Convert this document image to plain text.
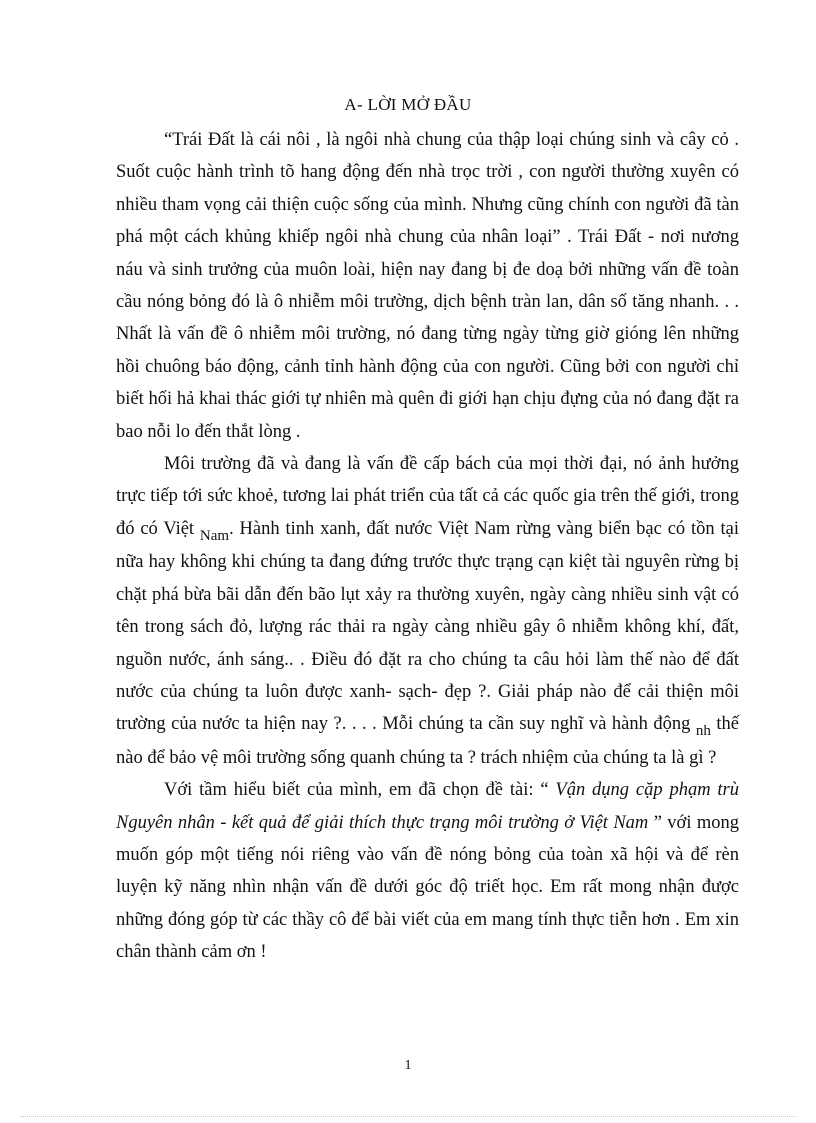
A- LỜI MỞ ĐẦU

“Trái Đất là cái nôi , là ngôi nhà chung của thập loại chúng sinh và cây cỏ . Suốt cuộc hành trình tõ hang động đến nhà trọc trời , con người thường xuyên có nhiều tham vọng cải thiện cuộc sống của mình. Nhưng cũng chính con người đã tàn phá một cách khủng khiếp ngôi nhà chung của nhân loại” . Trái Đất - nơi nương náu và sinh trưởng của muôn loài, hiện nay đang bị đe doạ bởi những vấn đề toàn cầu nóng bỏng đó là ô nhiễm môi trường, dịch bệnh tràn lan, dân số tăng nhanh. . . Nhất là vấn đề ô nhiễm môi trường, nó đang từng ngày từng giờ gióng lên những hồi chuông báo động, cảnh tỉnh hành động của con người. Cũng bởi con người chỉ biết hối hả khai thác giới tự nhiên mà quên đi giới hạn chịu đựng của nó đang đặt ra bao nỗi lo đến thắt lòng .

Môi trường đã và đang là vấn đề cấp bách của mọi thời đại, nó ảnh hưởng trực tiếp tới sức khoẻ, tương lai phát triển của tất cả các quốc gia trên thế giới, trong đó có Việt $_{Nam}$. Hành tinh xanh, đất nước Việt Nam rừng vàng biển bạc có tồn tại nữa hay không khi chúng ta đang đứng trước thực trạng cạn kiệt tài nguyên rừng bị chặt phá bừa bãi dẫn đến bão lụt xảy ra thường xuyên, ngày càng nhiều sinh vật có tên trong sách đỏ, lượng rác thải ra ngày càng nhiều gây ô nhiễm không khí, đất, nguồn nước, ánh sáng.. . Điều đó đặt ra cho chúng ta câu hỏi làm thế nào để đất nước của chúng ta luôn được xanh- sạch- đẹp ?. Giải pháp nào để cải thiện môi trường của nước ta hiện nay ?. . . . Mỗi chúng ta cần suy nghĩ và hành động $_{nh}$ thế nào để bảo vệ môi trường sống quanh chúng ta ? trách nhiệm của chúng ta là gì ?

Với tầm hiểu biết của mình, em đã chọn đề tài: “ Vận dụng cặp phạm trù Nguyên nhân - kết quả để giải thích thực trạng môi trường ở Việt Nam ” với mong muốn góp một tiếng nói riêng vào vấn đề nóng bỏng của toàn xã hội và để rèn luyện kỹ năng nhìn nhận vấn đề dưới góc độ triết học. Em rất mong nhận được những đóng góp từ các thầy cô để bài viết của em mang tính thực tiễn hơn . Em xin chân thành cảm ơn !

1
